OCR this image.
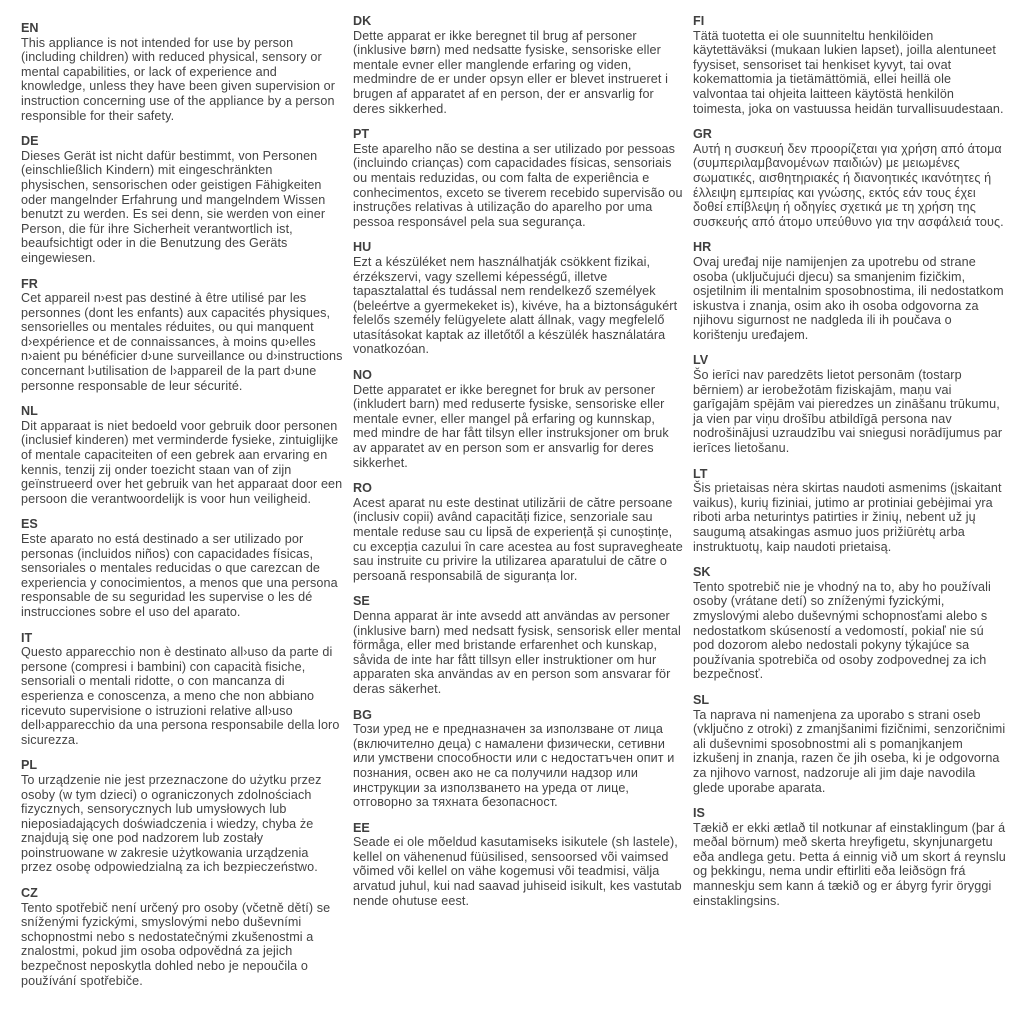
EN

This appliance is not intended for use by person (including children) with reduced physical, sensory or mental capabilities, or lack of experience and knowledge, unless they have been given supervision or instruction concerning use of the appliance by a person responsible for their safety.

DE

Dieses Gerät ist nicht dafür bestimmt, von Personen (einschließlich Kindern) mit eingeschränkten physischen, sensorischen oder geistigen Fähigkeiten oder mangelnder Erfahrung und mangelndem Wissen benutzt zu werden. Es sei denn, sie werden von einer Person, die für ihre Sicherheit verantwortlich ist, beaufsichtigt oder in die Benutzung des Geräts eingewiesen.

FR

Cet appareil n›est pas destiné à être utilisé par les personnes (dont les enfants) aux capacités physiques, sensorielles ou mentales réduites, ou qui manquent d›expérience et de connaissances, à moins qu›elles n›aient pu bénéficier d›une surveillance ou d›instructions concernant l›utilisation de l›appareil de la part d›une personne responsable de leur sécurité.

NL

Dit apparaat is niet bedoeld voor gebruik door personen (inclusief kinderen) met verminderde fysieke, zintuiglijke of mentale capaciteiten of een gebrek aan ervaring en kennis, tenzij zij onder toezicht staan van of zijn geïnstrueerd over het gebruik van het apparaat door een persoon die verantwoordelijk is voor hun veiligheid.

ES

Este aparato no está destinado a ser utilizado por personas (incluidos niños) con capacidades físicas, sensoriales o mentales reducidas o que carezcan de experiencia y conocimientos, a menos que una persona responsable de su seguridad les supervise o les dé instrucciones sobre el uso del aparato.

IT

Questo apparecchio non è destinato all›uso da parte di persone (compresi i bambini) con capacità fisiche, sensoriali o mentali ridotte, o con mancanza di esperienza e conoscenza, a meno che non abbiano ricevuto supervisione o istruzioni relative all›uso dell›apparecchio da una persona responsabile della loro sicurezza.

PL

To urządzenie nie jest przeznaczone do użytku przez osoby (w tym dzieci) o ograniczonych zdolnościach fizycznych, sensorycznych lub umysłowych lub nieposiadających doświadczenia i wiedzy, chyba że znajdują się one pod nadzorem lub zostały poinstruowane w zakresie użytkowania urządzenia przez osobę odpowiedzialną za ich bezpieczeństwo.

CZ

Tento spotřebič není určený pro osoby (včetně dětí) se sníženými fyzickými, smyslovými nebo duševními schopnostmi nebo s nedostatečnými zkušenostmi a znalostmi, pokud jim osoba odpovědná za jejich bezpečnost neposkytla dohled nebo je nepoučila o používání spotřebiče.

DK

Dette apparat er ikke beregnet til brug af personer (inklusive børn) med nedsatte fysiske, sensoriske eller mentale evner eller manglende erfaring og viden, medmindre de er under opsyn eller er blevet instrueret i brugen af apparatet af en person, der er ansvarlig for deres sikkerhed.

PT

Este aparelho não se destina a ser utilizado por pessoas (incluindo crianças) com capacidades físicas, sensoriais ou mentais reduzidas, ou com falta de experiência e conhecimentos, exceto se tiverem recebido supervisão ou instruções relativas à utilização do aparelho por uma pessoa responsável pela sua segurança.

HU

Ezt a készüléket nem használhatják csökkent fizikai, érzékszervi, vagy szellemi képességű, illetve tapasztalattal és tudással nem rendelkező személyek (beleértve a gyermekeket is), kivéve, ha a biztonságukért felelős személy felügyelete alatt állnak, vagy megfelelő utasításokat kaptak az illetőtől a készülék használatára vonatkozóan.

NO

Dette apparatet er ikke beregnet for bruk av personer (inkludert barn) med reduserte fysiske, sensoriske eller mentale evner, eller mangel på erfaring og kunnskap, med mindre de har fått tilsyn eller instruksjoner om bruk av apparatet av en person som er ansvarlig for deres sikkerhet.

RO

Acest aparat nu este destinat utilizării de către persoane (inclusiv copii) având capacități fizice, senzoriale sau mentale reduse sau cu lipsă de experiență și cunoștințe, cu excepția cazului în care acestea au fost supravegheate sau instruite cu privire la utilizarea aparatului de către o persoană responsabilă de siguranța lor.

SE

Denna apparat är inte avsedd att användas av personer (inklusive barn) med nedsatt fysisk, sensorisk eller mental förmåga, eller med bristande erfarenhet och kunskap, såvida de inte har fått tillsyn eller instruktioner om hur apparaten ska användas av en person som ansvarar för deras säkerhet.

BG

Този уред не е предназначен за използване от лица (включително деца) с намалени физически, сетивни или умствени способности или с недостатъчен опит и познания, освен ако не са получили надзор или инструкции за използването на уреда от лице, отговорно за тяхната безопасност.

EE

Seade ei ole mõeldud kasutamiseks isikutele (sh lastele), kellel on vähenenud füüsilised, sensoorsed või vaimsed võimed või kellel on vähe kogemusi või teadmisi, välja arvatud juhul, kui nad saavad juhiseid isikult, kes vastutab nende ohutuse eest.

FI

Tätä tuotetta ei ole suunniteltu henkilöiden käytettäväksi (mukaan lukien lapset), joilla alentuneet fyysiset, sensoriset tai henkiset kyvyt, tai ovat kokemattomia ja tietämättömiä, ellei heillä ole valvontaa tai ohjeita laitteen käytöstä henkilön toimesta, joka on vastuussa heidän turvallisuudestaan.

GR

Αυτή η συσκευή δεν προορίζεται για χρήση από άτομα (συμπεριλαμβανομένων παιδιών) με μειωμένες σωματικές, αισθητηριακές ή διανοητικές ικανότητες ή έλλειψη εμπειρίας και γνώσης, εκτός εάν τους έχει δοθεί επίβλεψη ή οδηγίες σχετικά με τη χρήση της συσκευής από άτομο υπεύθυνο για την ασφάλειά τους.

HR

Ovaj uređaj nije namijenjen za upotrebu od strane osoba (uključujući djecu) sa smanjenim fizičkim, osjetilnim ili mentalnim sposobnostima, ili nedostatkom iskustva i znanja, osim ako ih osoba odgovorna za njihovu sigurnost ne nadgleda ili ih poučava o korištenju uređajem.

LV

Šo ierīci nav paredzēts lietot personām (tostarp bērniem) ar ierobežotām fiziskajām, maņu vai garīgajām spējām vai pieredzes un zināšanu trūkumu, ja vien par viņu drošību atbildīgā persona nav nodrošinājusi uzraudzību vai sniegusi norādījumus par ierīces lietošanu.

LT

Šis prietaisas nėra skirtas naudoti asmenims (įskaitant vaikus), kurių fiziniai, jutimo ar protiniai gebėjimai yra riboti arba neturintys patirties ir žinių, nebent už jų saugumą atsakingas asmuo juos prižiūrėtų arba instruktuotų, kaip naudoti prietaisą.

SK

Tento spotrebič nie je vhodný na to, aby ho používali osoby (vrátane detí) so zníženými fyzickými, zmyslovými alebo duševnými schopnosťami alebo s nedostatkom skúseností a vedomostí, pokiaľ nie sú pod dozorom alebo nedostali pokyny týkajúce sa používania spotrebiča od osoby zodpovednej za ich bezpečnosť.

SL

Ta naprava ni namenjena za uporabo s strani oseb (vključno z otroki) z zmanjšanimi fizičnimi, senzoričnimi ali duševnimi sposobnostmi ali s pomanjkanjem izkušenj in znanja, razen če jih oseba, ki je odgovorna za njihovo varnost, nadzoruje ali jim daje navodila glede uporabe aparata.

IS

Tækið er ekki ætlað til notkunar af einstaklingum (þar á meðal börnum) með skerta hreyfigetu, skynjunargetu eða andlega getu. Þetta á einnig við um skort á reynslu og þekkingu, nema undir eftirliti eða leiðsögn frá manneskju sem kann á tækið og er ábyrg fyrir öryggi einstaklingsins.
